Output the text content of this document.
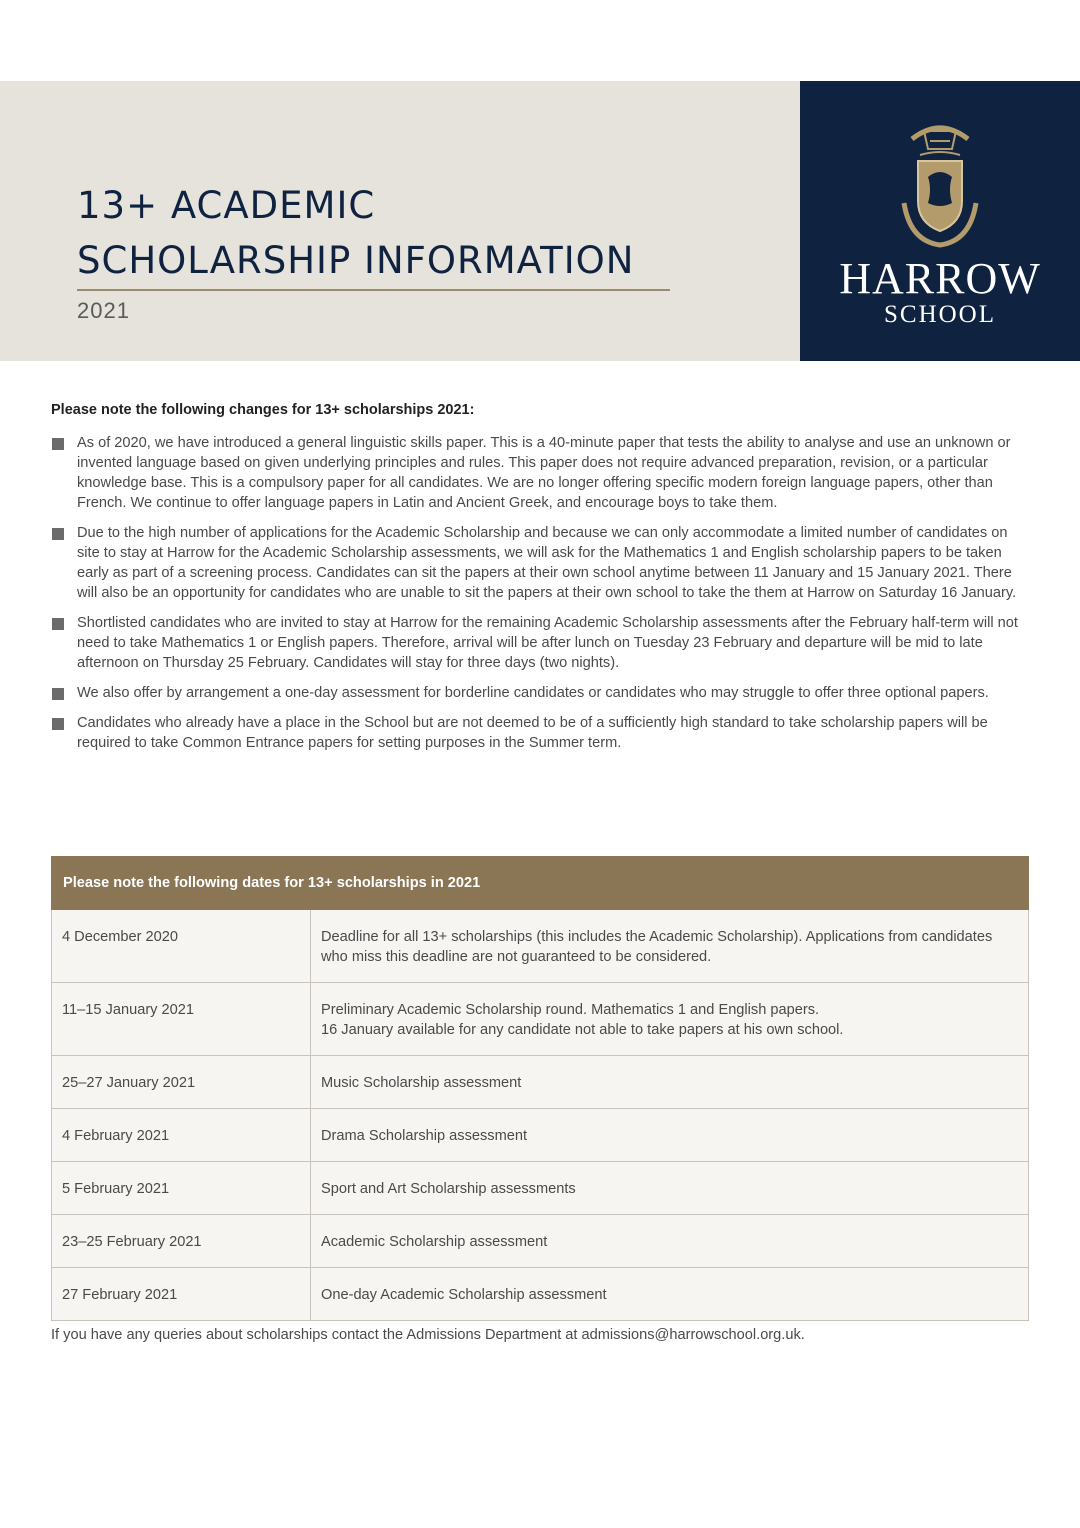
13+ ACADEMIC
SCHOLARSHIP INFORMATION
2021
HARROW
SCHOOL
Please note the following changes for 13+ scholarships 2021:
As of 2020, we have introduced a general linguistic skills paper. This is a 40-minute paper that tests the ability to analyse and use an unknown or invented language based on given underlying principles and rules. This paper does not require advanced preparation, revision, or a particular knowledge base. This is a compulsory paper for all candidates. We are no longer offering specific modern foreign language papers, other than French. We continue to offer language papers in Latin and Ancient Greek, and encourage boys to take them.
Due to the high number of applications for the Academic Scholarship and because we can only accommodate a limited number of candidates on site to stay at Harrow for the Academic Scholarship assessments, we will ask for the Mathematics 1 and English scholarship papers to be taken early as part of a screening process. Candidates can sit the papers at their own school anytime between 11 January and 15 January 2021. There will also be an opportunity for candidates who are unable to sit the papers at their own school to take the them at Harrow on Saturday 16 January.
Shortlisted candidates who are invited to stay at Harrow for the remaining Academic Scholarship assessments after the February half-term will not need to take Mathematics 1 or English papers. Therefore, arrival will be after lunch on Tuesday 23 February and departure will be mid to late afternoon on Thursday 25 February. Candidates will stay for three days (two nights).
We also offer by arrangement a one-day assessment for borderline candidates or candidates who may struggle to offer three optional papers.
Candidates who already have a place in the School but are not deemed to be of a sufficiently high standard to take scholarship papers will be required to take Common Entrance papers for setting purposes in the Summer term.
Please note the following dates for 13+ scholarships in 2021	
4 December 2020	Deadline for all 13+ scholarships (this includes the Academic Scholarship). Applications from candidates who miss this deadline are not guaranteed to be considered.
11–15 January 2021	Preliminary Academic Scholarship round. Mathematics 1 and English papers.
16 January available for any candidate not able to take papers at his own school.

25–27 January 2021	Music Scholarship assessment
4 February 2021	Drama Scholarship assessment
5 February 2021	Sport and Art Scholarship assessments
23–25 February 2021	Academic Scholarship assessment
27 February 2021	One-day Academic Scholarship assessment
If you have any queries about scholarships contact the Admissions Department at admissions@harrowschool.org.uk.
